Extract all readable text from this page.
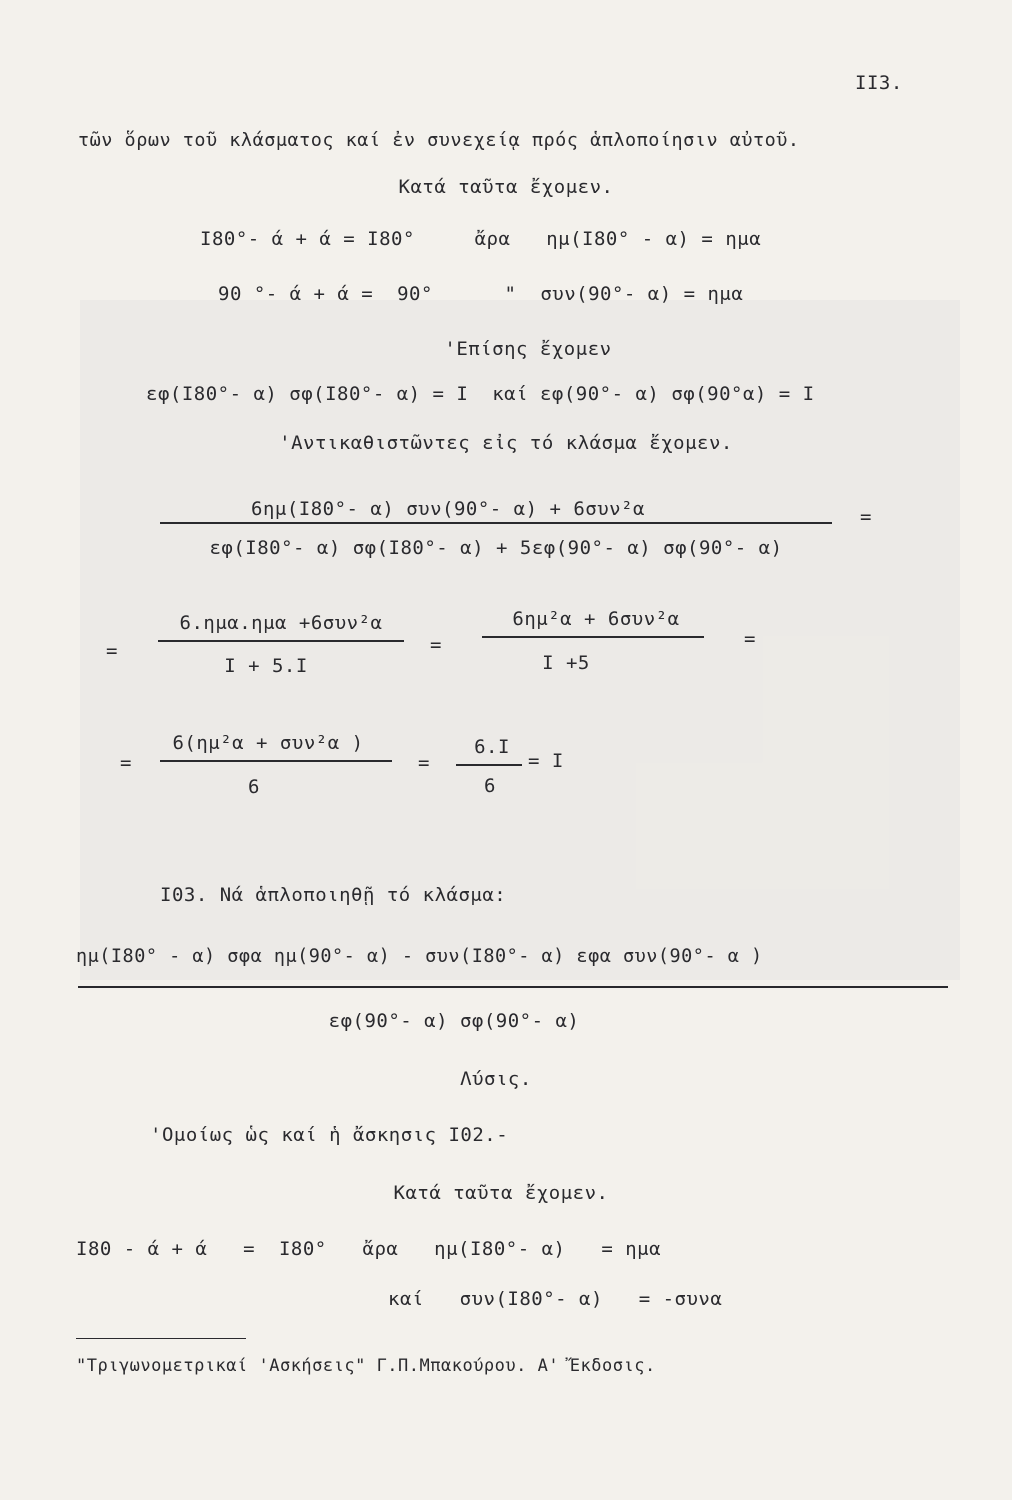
II3.
τῶν ὅρων τοῦ κλάσματος καί ἐν συνεχείᾳ πρός ἁπλοποίησιν αὐτοῦ.
Κατά ταῦτα ἔχομεν.
I80°- ά + ά = I80°     ἄρα   ημ(I80° - α) = ημα
90 °- ά + ά =  90°      "  συν(90°- α) = ημα
'Επίσης ἔχομεν
εφ(I80°- α) σφ(I80°- α) = I  καί εφ(90°- α) σφ(90°α) = I
'Αντικαθιστῶντες εἰς τό κλάσμα ἔχομεν.
6ημ(I80°- α) συν(90°- α) + 6συν²α
εφ(I80°- α) σφ(I80°- α) + 5εφ(90°- α) σφ(90°- α)
=
=
6.ημα.ημα +6συν²α
I + 5.I
=
6ημ²α + 6συν²α
I +5
=
=
6(ημ²α + συν²α )
6
=
6.I
6
= I
I03. Νά ἁπλοποιηθῇ τό κλάσμα:
ημ(I80° - α) σφα ημ(90°- α) - συν(I80°- α) εφα συν(90°- α )
εφ(90°- α) σφ(90°- α)
Λύσις.
'Ομοίως ὡς καί ἡ ἄσκησις I02.-
Κατά ταῦτα ἔχομεν.
I80 - ά + ά   =  I80°   ἄρα   ημ(I80°- α)   = ημα
καί   συν(I80°- α)   = -συνα
"Τριγωνομετρικαί 'Ασκήσεις" Γ.Π.Μπακούρου. Α' Ἔκδοσις.
